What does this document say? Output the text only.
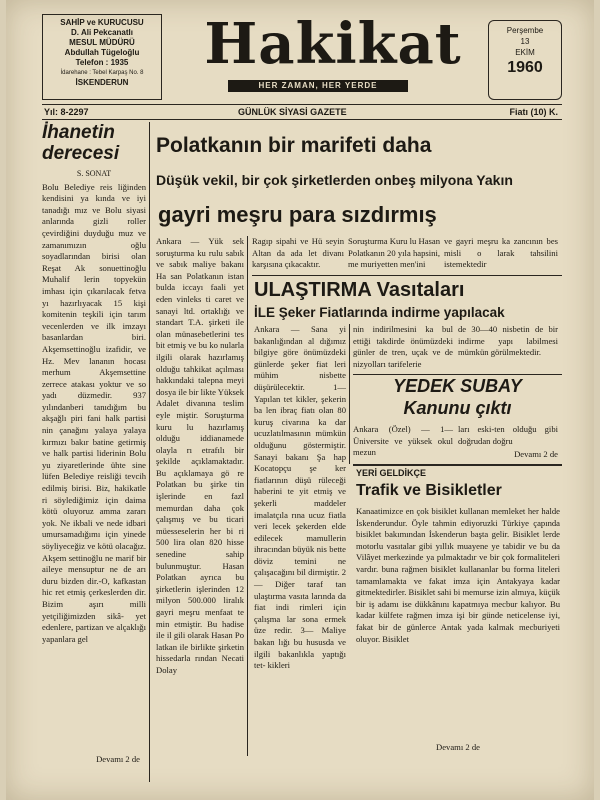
SAHİP ve KURUCUSU
D. Ali Pekcanatlı
MESUL MÜDÜRÜ
Abdullah Tügeloğlu
Telefon : 1935
İdarehane : Tebel Karpaş No. 8
İSKENDERUN
Hakikat
HER ZAMAN, HER YERDE
Perşembe
13
EKİM
1960
Yıl: 8-2297	GÜNLÜK SİYASİ GAZETE	Fiatı (10) K.
İhanetin
derecesi
S. SONAT
Bolu Belediye reis liğinden kendisini ya kında ve iyi tanadığı mız ve Bolu siyasi anlarında gizli roller çevirdiğini duyduğu muz ve zamanımızın oğlu soyadlarından birisi olan Reşat Ak sonuettinoğlu Muhalif lerin topyekün imhası için çıkarılacak fetva yı hazırlıyacak 15 kişi komitenin teşkili için tarım vecenlerden ve ilk imzayı basanlardan biri. Akşemsettinoğlu izafidir, ve Hz. Mev lananın hocası merhum Akşemsettine zerrece atakası yoktur ve so yadı düzmedir. 937 yılındanberi tanıdığım bu akşağlı piri fani halk partisi nin çanağını yalaya yalaya kırmızı bakır batine getirmiş ve halk partisi liderinin Bolu yu ziyaretlerinde ühte sine lüfen Belediye reisliği tevcih edilmiş birisi. Biz, hakikatle ri söylediğimiz için daima kötü oluyoruz amma zararı yok. Ne ikbali ve nede idbari umursamadığımı için yinede söyliyeceğiz ve kötü olacağız. Akşem settinoğlu ne marif bir aileye mensuptur ne de arı duru bizden dir.-O, kafkastan hic ret etmiş çerkeslerden dir. Bizim aşırı milli yetçiliğimizden sikâ- yet edenlere, partizan ve alçaklığı yapanlara gel
Devamı 2 de
Polatkanın bir marifeti daha
Düşük vekil, bir çok şirketlerden onbeş milyona Yakın
gayri meşru para sızdırmış
Ankara — Yük sek soruşturma ku rulu sabık ve sabık maliye bakanı Ha san Polatkanın istan bulda iccayı faali yet eden vinleks ti caret ve sanayi ltd. ortaklığı ve standart T.A. şirketi ile olan münasebetlerini tes bit etmiş ve bu ko nularla ilgili olarak hazırlamış olduğu tahkikat açılması hakkındaki talepna meyi dosya ile bir likte Yüksek Adalet divanına teslim eyle miştir. Soruşturma kuru lu hazırlamış olduğu iddianamede olayla rı etrafılı bir şekilde açıklamaktadır. Bu açıklamaya gö re Polatkan bu şirke tin işlerinde en fazl memurdan daha çok çalışmış ve bu ticari müesseselerin her bi ri 500 lira olan 820 hisse senedine sahip bulunmuştur. Hasan Polatkan ayrıca bu şirketlerin işlerinden 12 milyon 500.000 liralık gayri meşru menfaat te min etmiştir. Bu hadise ile il gili olarak Hasan Po latkan ile birlikte şirketin hissedarla rından Necati Dolay
Ragıp sipahi ve Hü seyin Altan da ada let divanı karşısına çıkacaktır.
Soruşturma Kuru lu Hasan Polatkanın 20 yıla hapsini, me muriyetten men'ini
ve gayri meşru ka zancının bes misli o larak tahsilini istemektedir
ULAŞTIRMA Vasıtaları
İLE Şeker Fiatlarında indirme yapılacak
Ankara — Sana yi bakanlığından al dığımız bilgiye göre önümüzdeki günlerde şeker fiat leri mühim nisbette düşürülecektir. 1— Yapılan tet kikler, şekerin ba len ibraç fiatı olan 80 kuruş civarına ka dar ucuzlatılmasının mümkün olduğunu göstermiştir. Sanayi bakanı Şa hap Kocatopçu şe ker fiatlarının düşü rüleceği haberini te yit etmiş ve şekerli maddeler imalatçıla rına ucuz fiatla veri lecek şekerden elde edilecek mamullerin ihracından büyük nis bette döviz temini ne çalışacağını bil dirmiştir. 2— Diğer taraf tan ulaştırma vasıta larında da fiat indi rimleri için çalışma lar sona ermek üze redir. 3— Maliye bakan lığı bu hususda ve ilgili bakanlıkla yaptığı tet- kikleri
nin indirilmesini ka bul ettiği takdirde önümüzdeki günler de tren, uçak ve de nizyolları tarifelerie
de 30—40 nisbetin de bir indirme yapı labilmesi mümkün görülmektedir.
YEDEK SUBAY
Kanunu çıktı
Ankara (Özel) — 1— Üniversite ve yüksek okul mezun
ları eski-ten olduğu gibi doğrudan doğru
Devamı 2 de
YERİ GELDİKÇE
Trafik ve Bisikletler
Kanaatimizce en çok bisiklet kullanan memleket her halde İskenderundur. Öyle tahmin ediyoruzki Türkiye çapında bisiklet bakımından İskenderun başta gelir. Bisiklet lerde motorlu vasıtalar gibi yıllık muayene ye tabidir ve bu da Vilâyet merkezinde ya pılmaktadır ve bir çok formaliteleri vardır. buna rağmen bisiklet kullananlar bu forma liteleri tamamlamakta ve fakat imza için Antakyaya kadar gitmektedirler. Bisiklet sahi bi memurse izin almıya, küçük bir iş adamı ise dükkânını kapatmıya mecbur kalıyor. Bu kadar külfete rağmen imza işi bir günde neticelense iyi, fakat bir de günlerce Antak yada kalmak mecburiyeti oluyor. Bisiklet
Devamı 2 de
